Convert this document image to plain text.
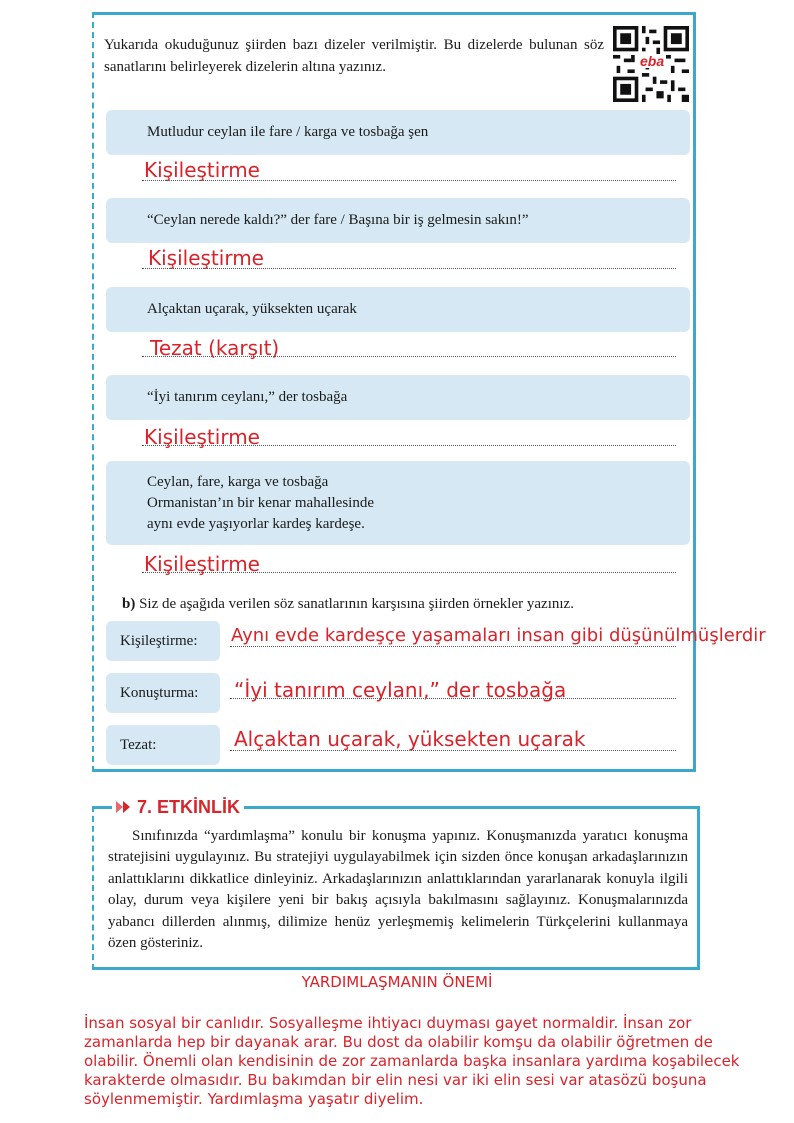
Yukarıda okuduğunuz şiirden bazı dizeler verilmiştir. Bu dizelerde bulunan söz sanatlarını belirleyerek dizelerin altına yazınız.	eba
Mutludur ceylan ile fare / karga ve tosbağa şen
Kişileştirme
“Ceylan nerede kaldı?” der fare / Başına bir iş gelmesin sakın!”
Kişileştirme
Alçaktan uçarak, yüksekten uçarak
Tezat (karşıt)
“İyi tanırım ceylanı,” der tosbağa
Kişileştirme
Ceylan, fare, karga ve tosbağa
Ormanistan’ın bir kenar mahallesinde
aynı evde yaşıyorlar kardeş kardeşe.
Kişileştirme
b) Siz de aşağıda verilen söz sanatlarının karşısına şiirden örnekler yazınız.
Kişileştirme:	Aynı evde kardeşçe yaşamaları insan gibi düşünülmüşlerdir
Konuşturma:	“İyi tanırım ceylanı,” der tosbağa
Tezat:	Alçaktan uçarak, yüksekten uçarak
7. ETKİNLİK
Sınıfınızda “yardımlaşma” konulu bir konuşma yapınız. Konuşmanızda yaratıcı konuşma stratejisini uygulayınız. Bu stratejiyi uygulayabilmek için sizden önce konuşan arkadaşlarınızın anlattıklarını dikkatlice dinleyiniz. Arkadaşlarınızın anlattıklarından yararlanarak konuyla ilgili olay, durum veya kişilere yeni bir bakış açısıyla bakılmasını sağlayınız. Konuşmalarınızda yabancı dillerden alınmış, dilimize henüz yerleşmemiş kelimelerin Türkçelerini kullanmaya özen gösteriniz.
YARDIMLAŞMANIN ÖNEMİ
İnsan sosyal bir canlıdır. Sosyalleşme ihtiyacı duyması gayet normaldir. İnsan zor zamanlarda hep bir dayanak arar. Bu dost da olabilir komşu da olabilir öğretmen de olabilir. Önemli olan kendisinin de zor zamanlarda başka insanlara yardıma koşabilecek karakterde olmasıdır. Bu bakımdan bir elin nesi var iki elin sesi var atasözü boşuna söylenmemiştir. Yardımlaşma yaşatır diyelim.
